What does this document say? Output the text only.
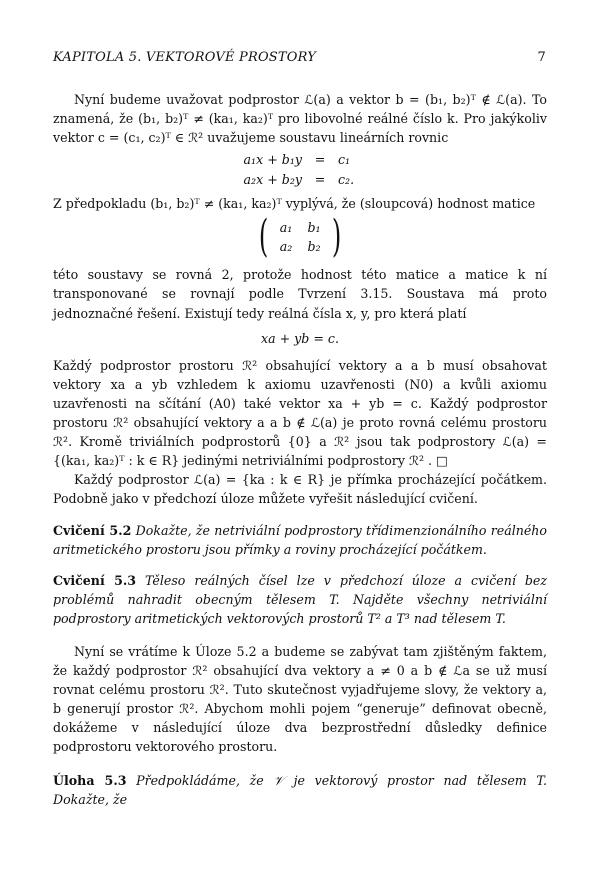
KAPITOLA 5. VEKTOROVÉ PROSTORY	7

Nyní budeme uvažovat podprostor ℒ(a) a vektor b = (b₁, b₂)ᵀ ∉ ℒ(a). To znamená, že (b₁, b₂)ᵀ ≠ (ka₁, ka₂)ᵀ pro libovolné reálné číslo k. Pro jakýkoliv vektor c = (c₁, c₂)ᵀ ∈ ℛ² uvažujeme soustavu lineárních rovnic

a₁x + b₁y	=	c₁
a₂x + b₂y	=	c₂.

Z předpokladu (b₁, b₂)ᵀ ≠ (ka₁, ka₂)ᵀ vyplývá, že (sloupcová) hodnost matice

( a₁	b₁
a₂	b₂ )

této soustavy se rovná 2, protože hodnost této matice a matice k ní transponované se rovnají podle Tvrzení 3.15. Soustava má proto jednoznačné řešení. Existují tedy reálná čísla x, y, pro která platí

xa + yb = c.

Každý podprostor prostoru ℛ² obsahující vektory a a b musí obsahovat vektory xa a yb vzhledem k axiomu uzavřenosti (N0) a kvůli axiomu uzavřenosti na sčítání (A0) také vektor xa + yb = c. Každý podprostor prostoru ℛ² obsahující vektory a a b ∉ ℒ(a) je proto rovná celému prostoru ℛ². Kromě triviálních podprostorů {0} a ℛ² jsou tak podprostory ℒ(a) = {(ka₁, ka₂)ᵀ : k ∈ R} jedinými netriviálními podprostory ℛ² . □

Každý podprostor ℒ(a) = {ka : k ∈ R} je přímka procházející počátkem. Podobně jako v předchozí úloze můžete vyřešit následující cvičení.

Cvičení 5.2 Dokažte, že netriviální podprostory třídimenzionálního reálného aritmetického prostoru jsou přímky a roviny procházející počátkem.

Cvičení 5.3 Těleso reálných čísel lze v předchozí úloze a cvičení bez problémů nahradit obecným tělesem T. Najděte všechny netriviální podprostory aritmetických vektorových prostorů T² a T³ nad tělesem T.

Nyní se vrátíme k Úloze 5.2 a budeme se zabývat tam zjištěným faktem, že každý podprostor ℛ² obsahující dva vektory a ≠ 0 a b ∉ ℒa se už musí rovnat celému prostoru ℛ². Tuto skutečnost vyjadřujeme slovy, že vektory a, b generují prostor ℛ². Abychom mohli pojem “generuje” definovat obecně, dokážeme v následující úloze dva bezprostřední důsledky definice podprostoru vektorového prostoru.

Úloha 5.3 Předpokládáme, že 𝒱 je vektorový prostor nad tělesem T. Dokažte, že
